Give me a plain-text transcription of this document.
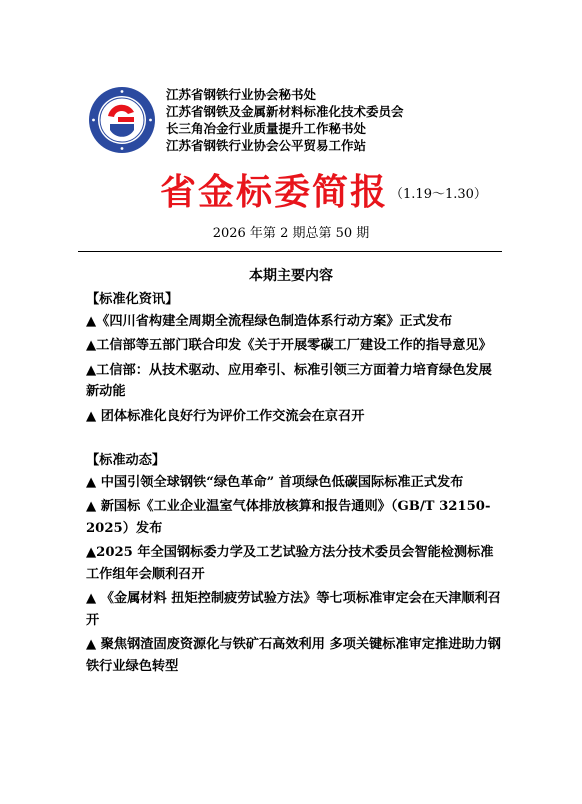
江苏省钢铁行业协会秘书处
江苏省钢铁及金属新材料标准化技术委员会
长三角冶金行业质量提升工作秘书处
江苏省钢铁行业协会公平贸易工作站
省金标委简报 $^{(1.19\sim 1.30)}$
2026 年第 2 期总第 50 期
本期主要内容
【标准化资讯】
▲《四川省构建全周期全流程绿色制造体系行动方案》正式发布
▲工信部等五部门联合印发《关于开展零碳工厂建设工作的指导意见》
▲工信部：从技术驱动、应用牵引、标准引领三方面着力培育绿色发展新动能
▲ 团体标准化良好行为评价工作交流会在京召开
【标准动态】
▲ 中国引领全球钢铁“绿色革命” 首项绿色低碳国际标准正式发布
▲ 新国标《工业企业温室气体排放核算和报告通则》（GB/T 32150-2025）发布
▲2025 年全国钢标委力学及工艺试验方法分技术委员会智能检测标准工作组年会顺利召开
▲ 《金属材料 扭矩控制疲劳试验方法》等七项标准审定会在天津顺利召开
▲ 聚焦钢渣固废资源化与铁矿石高效利用 多项关键标准审定推进助力钢铁行业绿色转型
